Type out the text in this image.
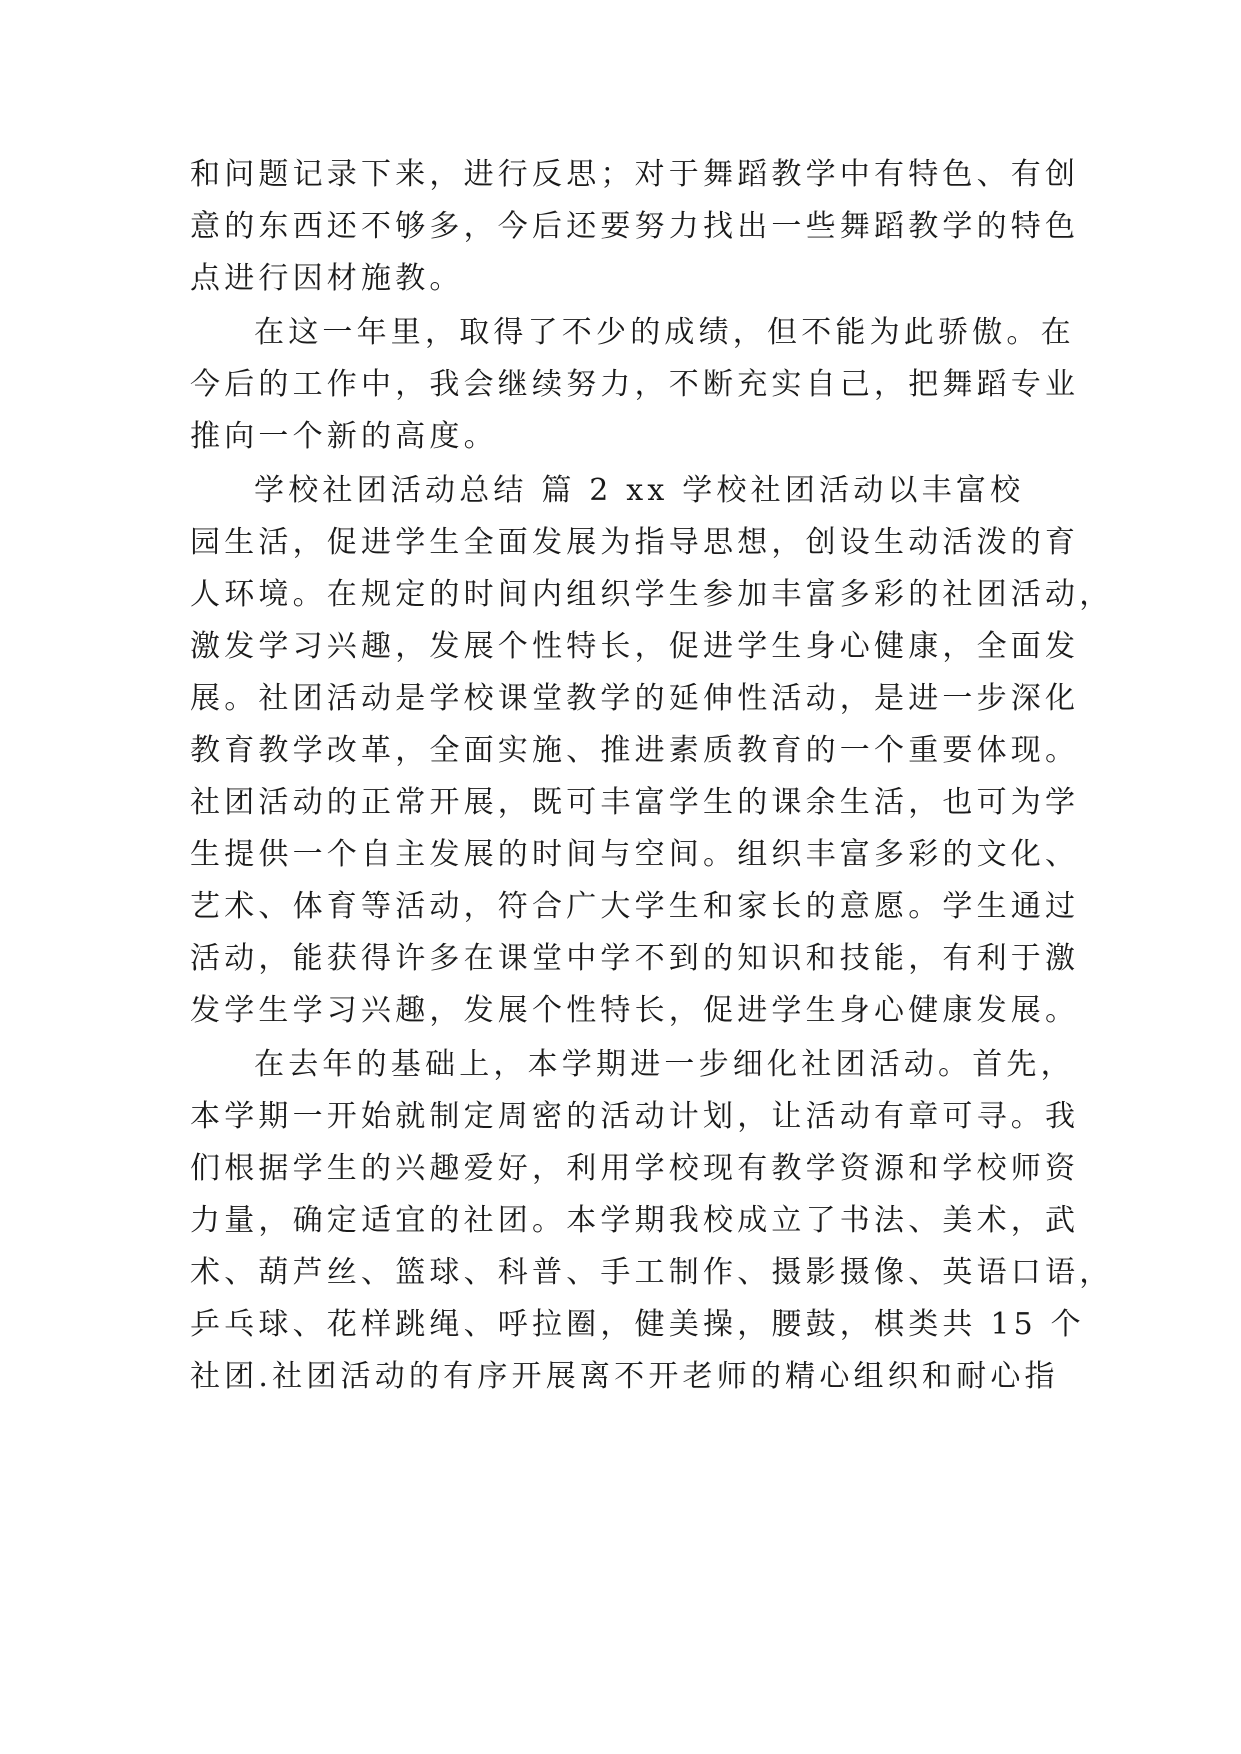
和问题记录下来，进行反思；对于舞蹈教学中有特色、有创
意的东西还不够多，今后还要努力找出一些舞蹈教学的特色
点进行因材施教。
在这一年里，取得了不少的成绩，但不能为此骄傲。在
今后的工作中，我会继续努力，不断充实自己，把舞蹈专业
推向一个新的高度。
学校社团活动总结 篇 2 xx 学校社团活动以丰富校
园生活，促进学生全面发展为指导思想，创设生动活泼的育
人环境。在规定的时间内组织学生参加丰富多彩的社团活动，
激发学习兴趣，发展个性特长，促进学生身心健康，全面发
展。社团活动是学校课堂教学的延伸性活动，是进一步深化
教育教学改革，全面实施、推进素质教育的一个重要体现。
社团活动的正常开展，既可丰富学生的课余生活，也可为学
生提供一个自主发展的时间与空间。组织丰富多彩的文化、
艺术、体育等活动，符合广大学生和家长的意愿。学生通过
活动，能获得许多在课堂中学不到的知识和技能，有利于激
发学生学习兴趣，发展个性特长，促进学生身心健康发展。
在去年的基础上，本学期进一步细化社团活动。首先，
本学期一开始就制定周密的活动计划，让活动有章可寻。我
们根据学生的兴趣爱好，利用学校现有教学资源和学校师资
力量，确定适宜的社团。本学期我校成立了书法、美术，武
术、葫芦丝、篮球、科普、手工制作、摄影摄像、英语口语，
乒乓球、花样跳绳、呼拉圈，健美操，腰鼓，棋类共 15 个
社团.社团活动的有序开展离不开老师的精心组织和耐心指
